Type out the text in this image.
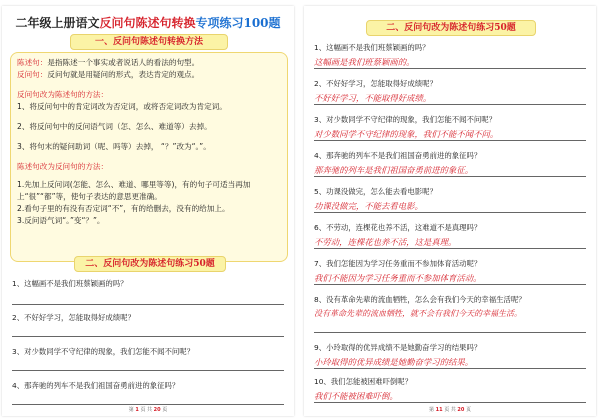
二年级上册语文反问句陈述句转换专项练习100题
一、反问句陈述句转换方法
陈述句：是指陈述一个事实或者说话人的看法的句型。
反问句：反问句就是用疑问的形式，表达肯定的观点。
反问句改为陈述句的方法：
1、将反问句中的肯定词改为否定词，或将否定词改为肯定词。
2、将反问句中的反问语气词（怎、怎么、难道等）去掉。
3、将句末的疑问助词（呢、吗等）去掉， “？”改为“。”。
陈述句改为反问句的方法：
1.先加上反问词(怎能、怎么、难道、哪里等等)，有的句子可适当再加
上“很”“都”等，使句子表达的意思更准确。
2.看句子里的有没有否定词“不”，有的给删去，没有的给加上。
3.反问语气词“。”变“？”。
二、反问句改为陈述句练习50题
1、这幅画不是我们班蔡颖画的吗？
2、不好好学习，怎能取得好成绩呢？
3、对少数同学不守纪律的现象，我们怎能不闻不问呢？
4、那奔驰的列车不是我们祖国奋勇前进的象征吗？
第 1 页 共 20 页
二、反问句改为陈述句练习50题
1、这幅画不是我们班蔡颖画的吗？
这幅画是我们班蔡颖画的。
2、不好好学习，怎能取得好成绩呢？
不好好学习，不能取得好成绩。
3、对少数同学不守纪律的现象，我们怎能不闻不问呢？
对少数同学不守纪律的现象，我们不能不闻不问。
4、那奔驰的列车不是我们祖国奋勇前进的象征吗？
那奔驰的列车是我们祖国奋勇前进的象征。
5、功课没做完，怎么能去看电影呢？
功课没做完，不能去看电影。
6、不劳动，连棵花也养不活，这难道不是真理吗？
不劳动，连棵花也养不活，这是真理。
7、我们怎能因为学习任务重而不参加体育活动呢？
我们不能因为学习任务重而不参加体育活动。
8、没有革命先辈的流血牺牲，怎么会有我们今天的幸福生活呢？
没有革命先辈的流血牺牲，就不会有我们今天的幸福生活。
9、小玲取得的优异成绩不是她勤奋学习的结果吗？
小玲取得的优异成绩是她勤奋学习的结果。
10、我们怎能被困难吓倒呢？
我们不能被困难吓倒。
第 11 页 共 20 页
